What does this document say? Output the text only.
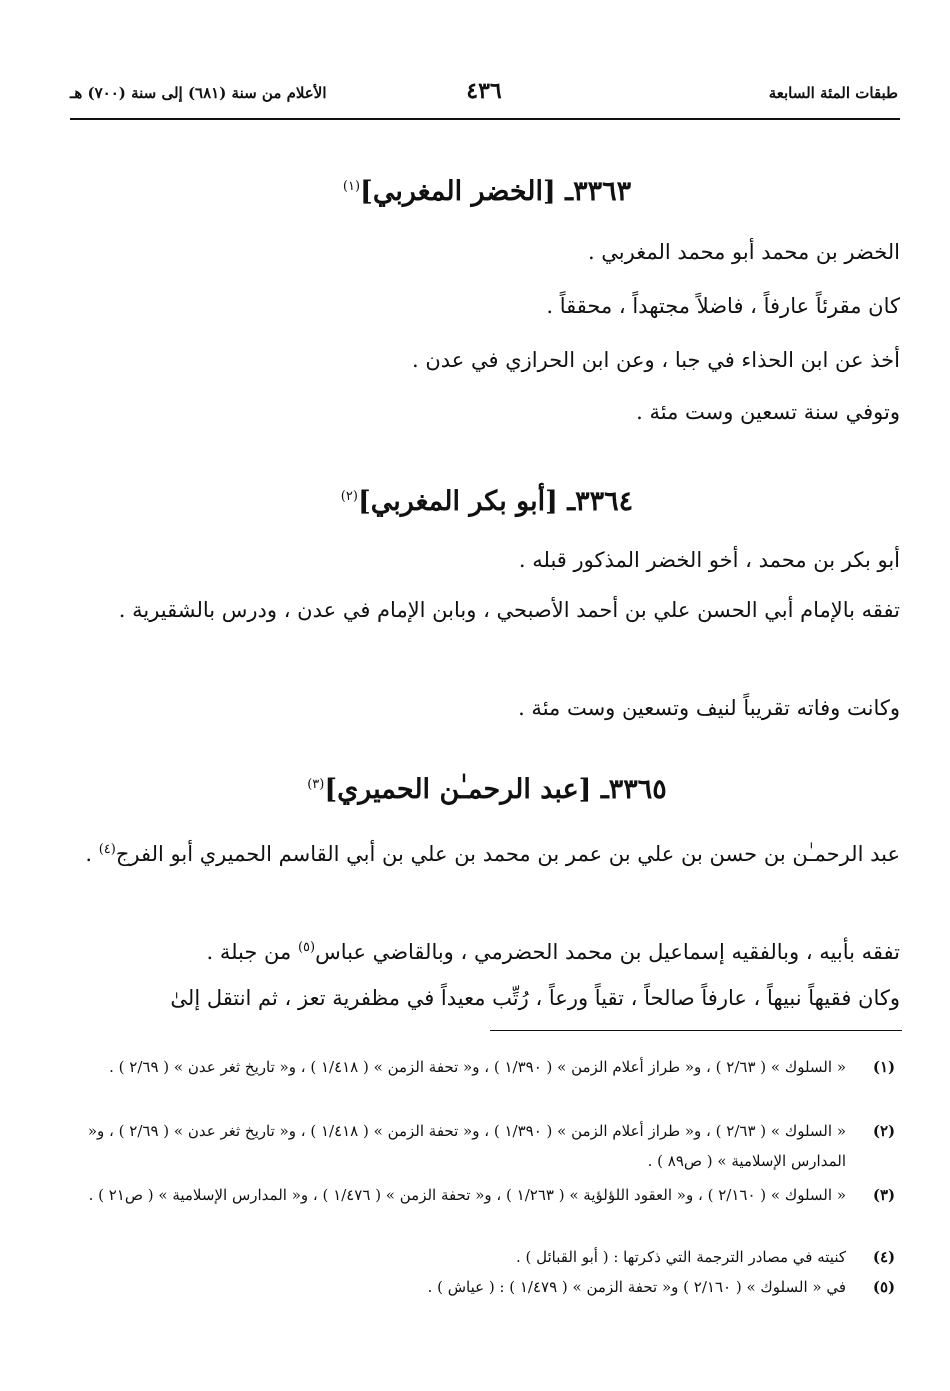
طبقات المئة السابعة
٤٣٦
الأعلام من سنة (٦٨١) إلى سنة (٧٠٠) هـ
٣٣٦٣ـ [الخضر المغربي]$^{(١)}$
الخضر بن محمد أبو محمد المغربي .
كان مقرئاً عارفاً ، فاضلاً مجتهداً ، محققاً .
أخذ عن ابن الحذاء في جبا ، وعن ابن الحرازي في عدن .
وتوفي سنة تسعين وست مئة .
٣٣٦٤ـ [أبو بكر المغربي]$^{(٢)}$
أبو بكر بن محمد ، أخو الخضر المذكور قبله .
تفقه بالإمام أبي الحسن علي بن أحمد الأصبحي ، وبابن الإمام في عدن ، ودرس بالشقيرية .
وكانت وفاته تقريباً لنيف وتسعين وست مئة .
٣٣٦٥ـ [عبد الرحمـٰن الحميري]$^{(٣)}$
عبد الرحمـٰن بن حسن بن علي بن عمر بن محمد بن علي بن أبي القاسم الحميري أبو الفرج$^{(٤)}$ .
تفقه بأبيه ، وبالفقيه إسماعيل بن محمد الحضرمي ، وبالقاضي عباس$^{(٥)}$ من جبلة .
وكان فقيهاً نبيهاً ، عارفاً صالحاً ، تقياً ورعاً ، رُتِّب معيداً في مظفرية تعز ، ثم انتقل إلىٰ
(١)
« السلوك » ( ٢/٦٣ ) ، و« طراز أعلام الزمن » ( ١/٣٩٠ ) ، و« تحفة الزمن » ( ١/٤١٨ ) ، و« تاريخ ثغر عدن » ( ٢/٦٩ ) .
(٢)
« السلوك » ( ٢/٦٣ ) ، و« طراز أعلام الزمن » ( ١/٣٩٠ ) ، و« تحفة الزمن » ( ١/٤١٨ ) ، و« تاريخ ثغر عدن » ( ٢/٦٩ ) ، و« المدارس الإسلامية » ( ص٨٩ ) .
(٣)
« السلوك » ( ٢/١٦٠ ) ، و« العقود اللؤلؤية » ( ١/٢٦٣ ) ، و« تحفة الزمن » ( ١/٤٧٦ ) ، و« المدارس الإسلامية » ( ص٢١ ) .
(٤)
كنيته في مصادر الترجمة التي ذكرتها : ( أبو القبائل ) .
(٥)
في « السلوك » ( ٢/١٦٠ ) و« تحفة الزمن » ( ١/٤٧٩ ) : ( عياش ) .
